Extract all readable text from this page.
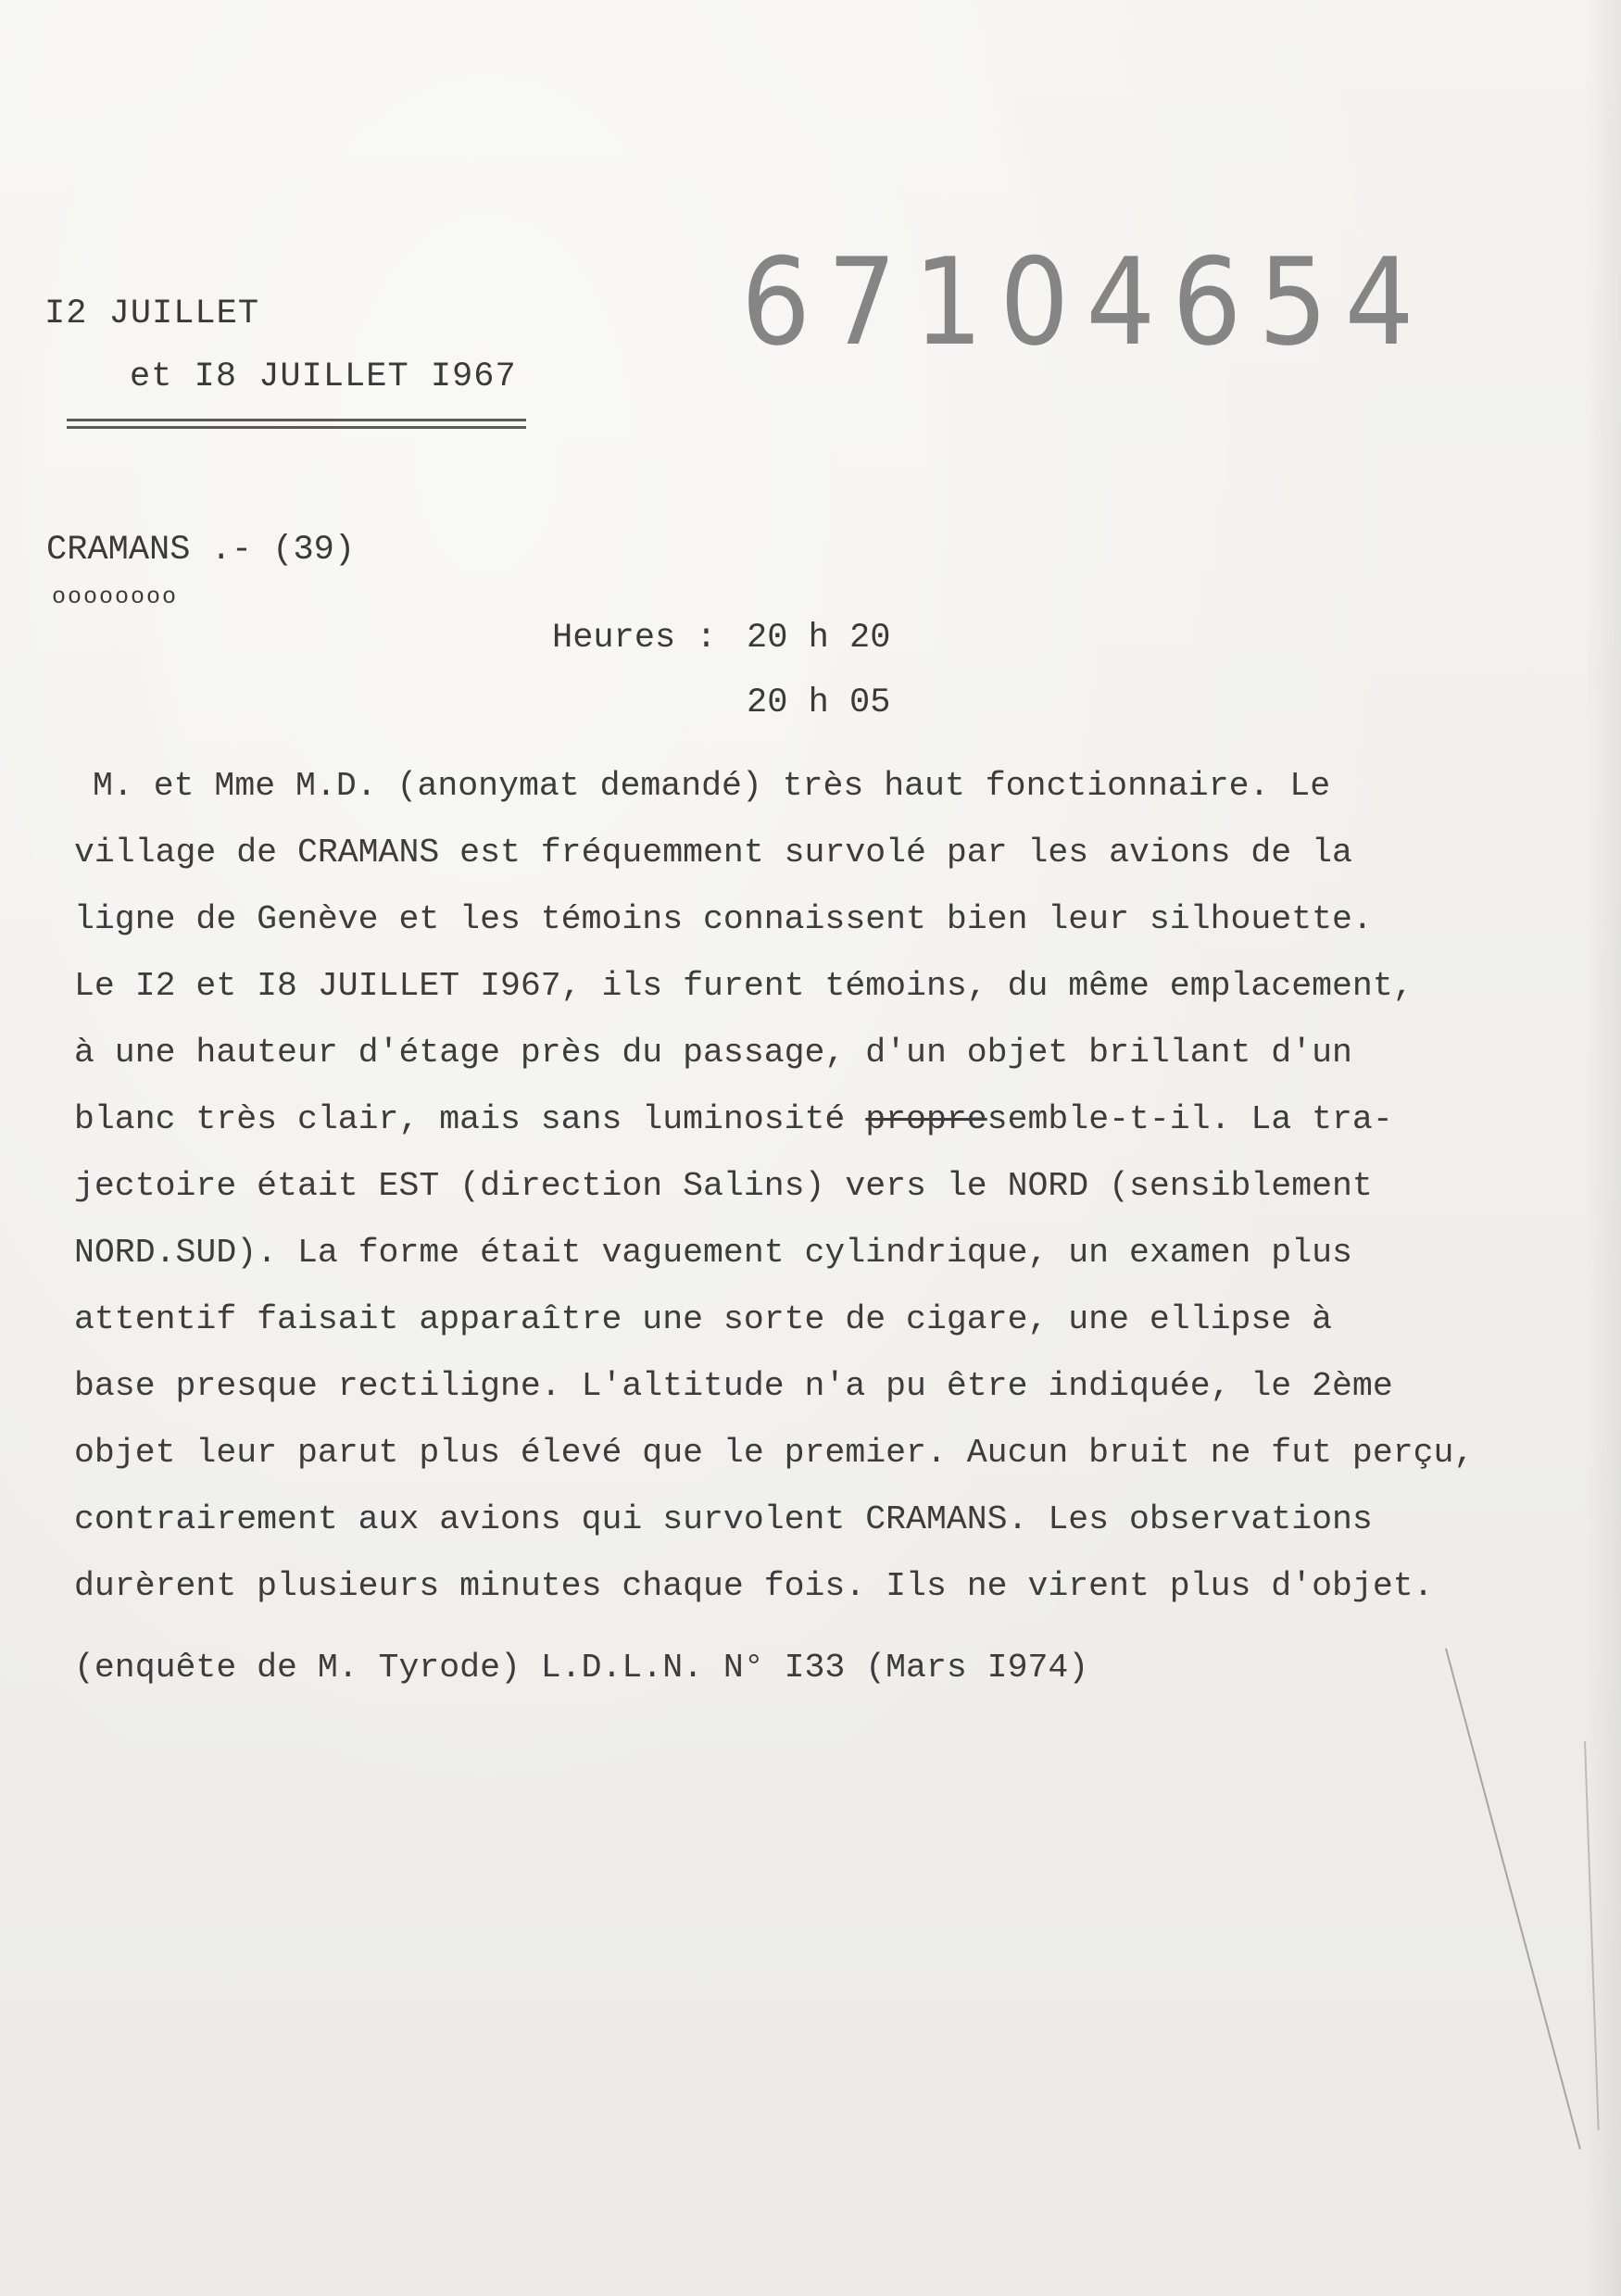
I2 JUILLET
et I8 JUILLET I967
67104654
CRAMANS .- (39)
oooooooo
Heures : 20 h 20
20 h 05
M. et Mme M.D. (anonymat demandé) très haut fonctionnaire. Le
village de CRAMANS est fréquemment survolé par les avions de la
ligne de Genève et les témoins connaissent bien leur silhouette.
Le I2 et I8 JUILLET I967, ils furent témoins, du même emplacement,
à une hauteur d'étage près du passage, d'un objet brillant d'un
blanc très clair, mais sans luminosité propresemble-t-il. La tra-
jectoire était EST (direction Salins) vers le NORD (sensiblement
NORD.SUD). La forme était vaguement cylindrique, un examen plus
attentif faisait apparaître une sorte de cigare, une ellipse à
base presque rectiligne. L'altitude n'a pu être indiquée, le 2ème
objet leur parut plus élevé que le premier. Aucun bruit ne fut perçu,
contrairement aux avions qui survolent CRAMANS. Les observations
durèrent plusieurs minutes chaque fois. Ils ne virent plus d'objet.
(enquête de M. Tyrode) L.D.L.N. N° I33 (Mars I974)
